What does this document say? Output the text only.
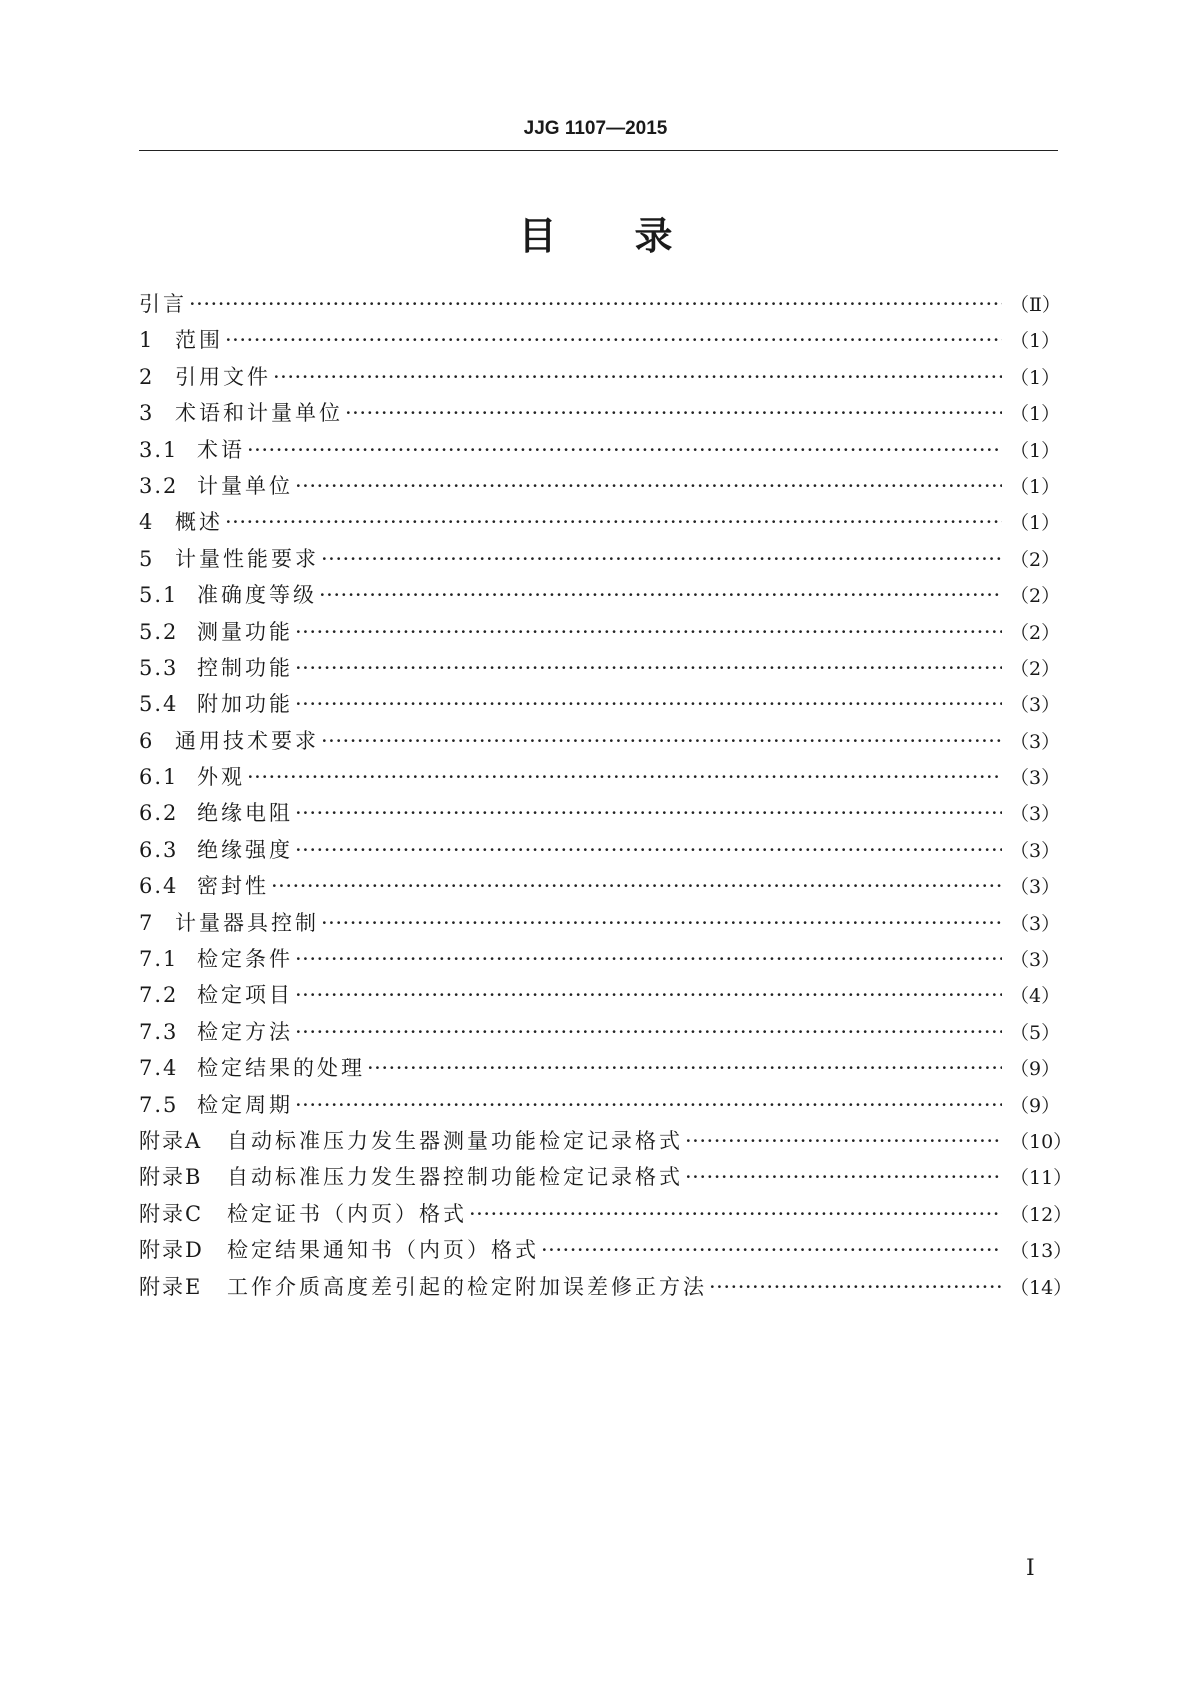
JJG 1107—2015
目 录
引言 ·····	（Ⅱ）
1 范围 ·····	（1）
2 引用文件 ·····	（1）
3 术语和计量单位 ·····	（1）
3.1 术语 ·····	（1）
3.2 计量单位 ·····	（1）
4 概述 ·····	（1）
5 计量性能要求 ·····	（2）
5.1 准确度等级 ·····	（2）
5.2 测量功能 ·····	（2）
5.3 控制功能 ·····	（2）
5.4 附加功能 ·····	（3）
6 通用技术要求 ·····	（3）
6.1 外观 ·····	（3）
6.2 绝缘电阻 ·····	（3）
6.3 绝缘强度 ·····	（3）
6.4 密封性 ·····	（3）
7 计量器具控制 ·····	（3）
7.1 检定条件 ·····	（3）
7.2 检定项目 ·····	（4）
7.3 检定方法 ·····	（5）
7.4 检定结果的处理 ·····	（9）
7.5 检定周期 ·····	（9）
附录A	自动标准压力发生器测量功能检定记录格式 ·····	（10）
附录B	自动标准压力发生器控制功能检定记录格式 ·····	（11）
附录C	检定证书（内页）格式 ·····	（12）
附录D	检定结果通知书（内页）格式 ·····	（13）
附录E	工作介质高度差引起的检定附加误差修正方法 ·····	（14）
Ⅰ
